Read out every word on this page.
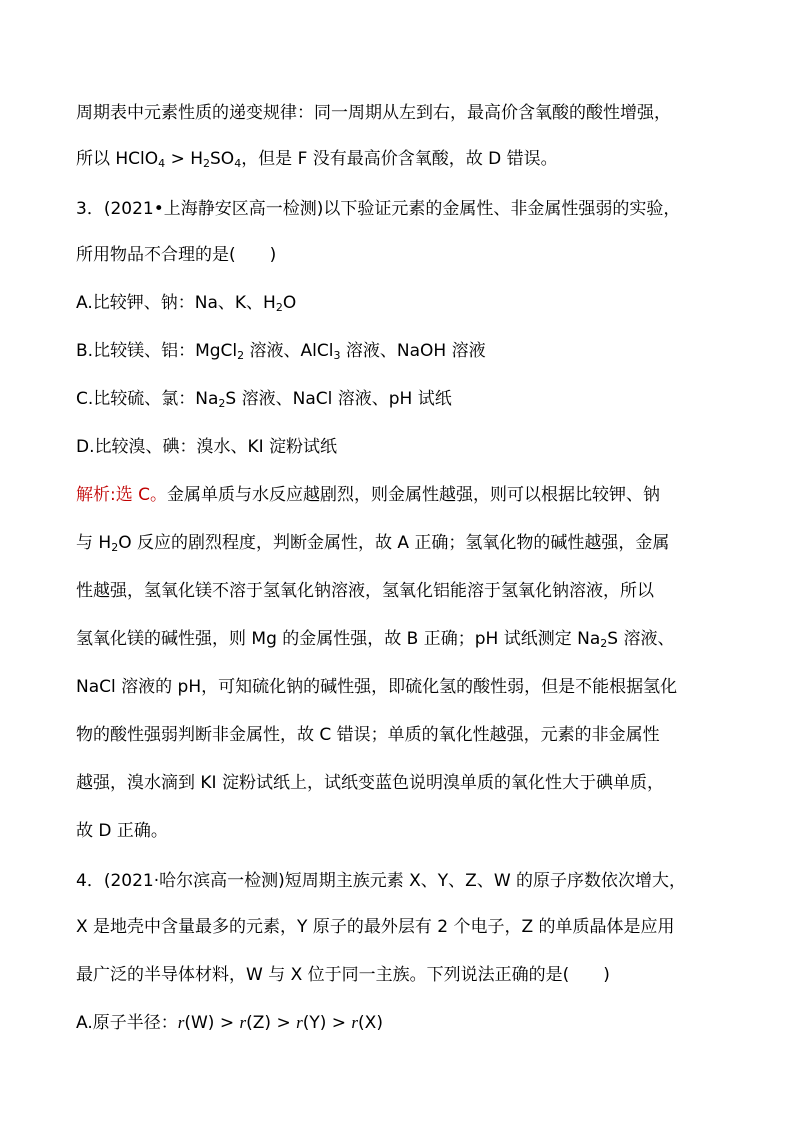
周期表中元素性质的递变规律：同一周期从左到右，最高价含氧酸的酸性增强，
所以 HClO$_4$ > $H_2SO_4$，但是 F 没有最高价含氧酸，故 D 错误。
3．(2021•上海静安区高一检测)以下验证元素的金属性、非金属性强弱的实验，
所用物品不合理的是(　　)
A.比较钾、钠：Na、K、$H_2O$
B.比较镁、铝：MgCl$_2$ 溶液、AlCl$_3$ 溶液、NaOH 溶液
C.比较硫、氯：$Na_2S$ 溶液、NaCl 溶液、pH 试纸
D.比较溴、碘：溴水、KI 淀粉试纸
解析:选 C。金属单质与水反应越剧烈，则金属性越强，则可以根据比较钾、钠
与 $H_2O$ 反应的剧烈程度，判断金属性，故 A 正确；氢氧化物的碱性越强，金属
性越强，氢氧化镁不溶于氢氧化钠溶液，氢氧化铝能溶于氢氧化钠溶液，所以
氢氧化镁的碱性强，则 Mg 的金属性强，故 B 正确；pH 试纸测定 $Na_2S$ 溶液、
NaCl 溶液的 pH，可知硫化钠的碱性强，即硫化氢的酸性弱，但是不能根据氢化
物的酸性强弱判断非金属性，故 C 错误；单质的氧化性越强，元素的非金属性
越强，溴水滴到 KI 淀粉试纸上，试纸变蓝色说明溴单质的氧化性大于碘单质，
故 D 正确。
4．(2021·哈尔滨高一检测)短周期主族元素 X、Y、Z、W 的原子序数依次增大，
X 是地壳中含量最多的元素，Y 原子的最外层有 2 个电子，Z 的单质晶体是应用
最广泛的半导体材料，W 与 X 位于同一主族。下列说法正确的是(　　)
A.原子半径：r(W) > r(Z) > r(Y) > r(X)
